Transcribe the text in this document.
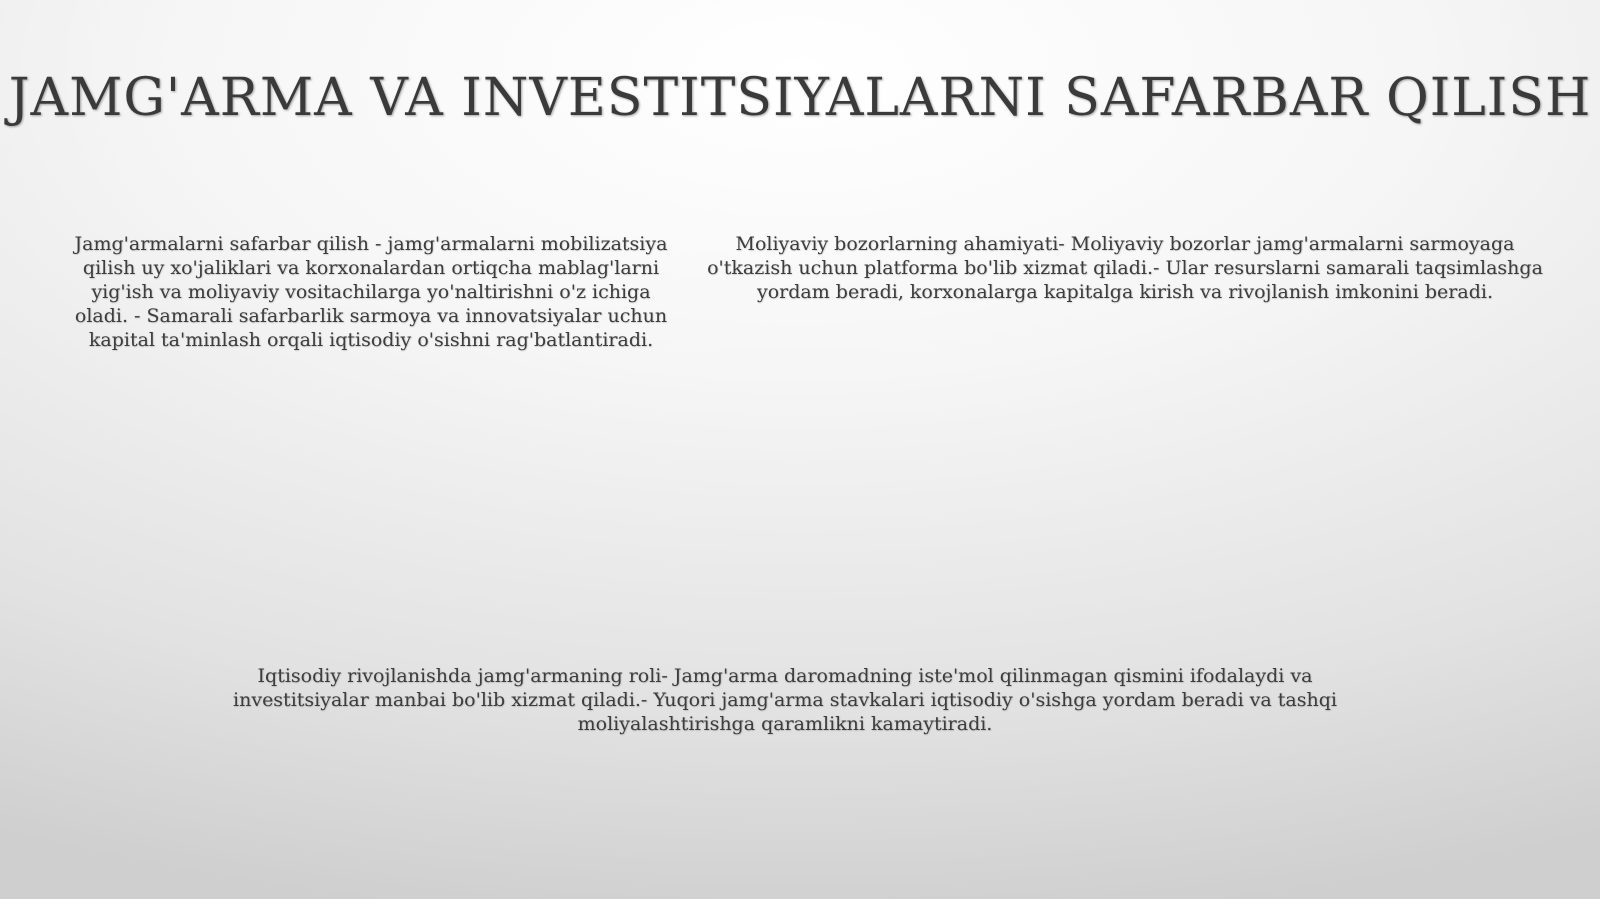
JAMG'ARMA VA INVESTITSIYALARNI SAFARBAR QILISH
Jamg'armalarni safarbar qilish - jamg'armalarni mobilizatsiya qilish uy xo'jaliklari va korxonalardan ortiqcha mablag'larni yig'ish va moliyaviy vositachilarga yo'naltirishni o'z ichiga oladi. - Samarali safarbarlik sarmoya va innovatsiyalar uchun kapital ta'minlash orqali iqtisodiy o'sishni rag'batlantiradi.
Moliyaviy bozorlarning ahamiyati- Moliyaviy bozorlar jamg'armalarni sarmoyaga o'tkazish uchun platforma bo'lib xizmat qiladi.- Ular resurslarni samarali taqsimlashga yordam beradi, korxonalarga kapitalga kirish va rivojlanish imkonini beradi.
Iqtisodiy rivojlanishda jamg'armaning roli- Jamg'arma daromadning iste'mol qilinmagan qismini ifodalaydi va investitsiyalar manbai bo'lib xizmat qiladi.- Yuqori jamg'arma stavkalari iqtisodiy o'sishga yordam beradi va tashqi moliyalashtirishga qaramlikni kamaytiradi.
